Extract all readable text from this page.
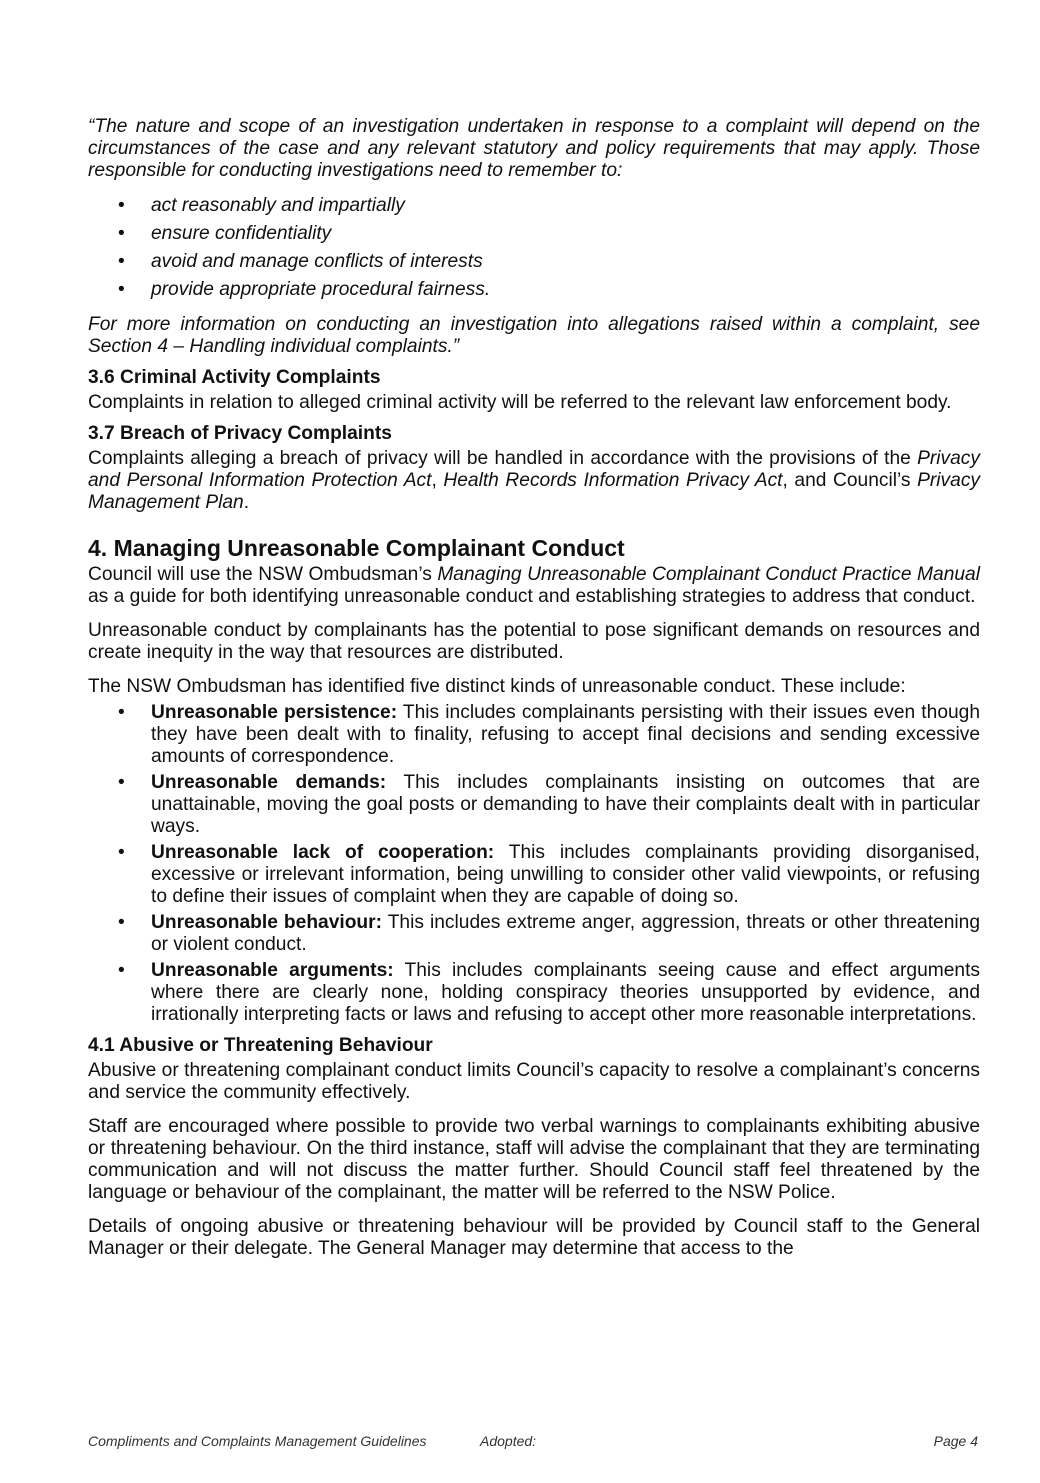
“The nature and scope of an investigation undertaken in response to a complaint will depend on the circumstances of the case and any relevant statutory and policy requirements that may apply. Those responsible for conducting investigations need to remember to:

• act reasonably and impartially
• ensure confidentiality
• avoid and manage conflicts of interests
• provide appropriate procedural fairness.

For more information on conducting an investigation into allegations raised within a complaint, see Section 4 – Handling individual complaints.”

3.6 Criminal Activity Complaints

Complaints in relation to alleged criminal activity will be referred to the relevant law enforcement body.

3.7 Breach of Privacy Complaints

Complaints alleging a breach of privacy will be handled in accordance with the provisions of the Privacy and Personal Information Protection Act, Health Records Information Privacy Act, and Council’s Privacy Management Plan.

4. Managing Unreasonable Complainant Conduct

Council will use the NSW Ombudsman’s Managing Unreasonable Complainant Conduct Practice Manual as a guide for both identifying unreasonable conduct and establishing strategies to address that conduct.

Unreasonable conduct by complainants has the potential to pose significant demands on resources and create inequity in the way that resources are distributed.

The NSW Ombudsman has identified five distinct kinds of unreasonable conduct. These include:

• Unreasonable persistence: This includes complainants persisting with their issues even though they have been dealt with to finality, refusing to accept final decisions and sending excessive amounts of correspondence.
• Unreasonable demands: This includes complainants insisting on outcomes that are unattainable, moving the goal posts or demanding to have their complaints dealt with in particular ways.
• Unreasonable lack of cooperation: This includes complainants providing disorganised, excessive or irrelevant information, being unwilling to consider other valid viewpoints, or refusing to define their issues of complaint when they are capable of doing so.
• Unreasonable behaviour: This includes extreme anger, aggression, threats or other threatening or violent conduct.
• Unreasonable arguments: This includes complainants seeing cause and effect arguments where there are clearly none, holding conspiracy theories unsupported by evidence, and irrationally interpreting facts or laws and refusing to accept other more reasonable interpretations.
4.1 Abusive or Threatening Behaviour

Abusive or threatening complainant conduct limits Council’s capacity to resolve a complainant’s concerns and service the community effectively.

Staff are encouraged where possible to provide two verbal warnings to complainants exhibiting abusive or threatening behaviour. On the third instance, staff will advise the complainant that they are terminating communication and will not discuss the matter further. Should Council staff feel threatened by the language or behaviour of the complainant, the matter will be referred to the NSW Police.

Details of ongoing abusive or threatening behaviour will be provided by Council staff to the General Manager or their delegate. The General Manager may determine that access to the

Compliments and Complaints Management Guidelines	Adopted:	Page 4
